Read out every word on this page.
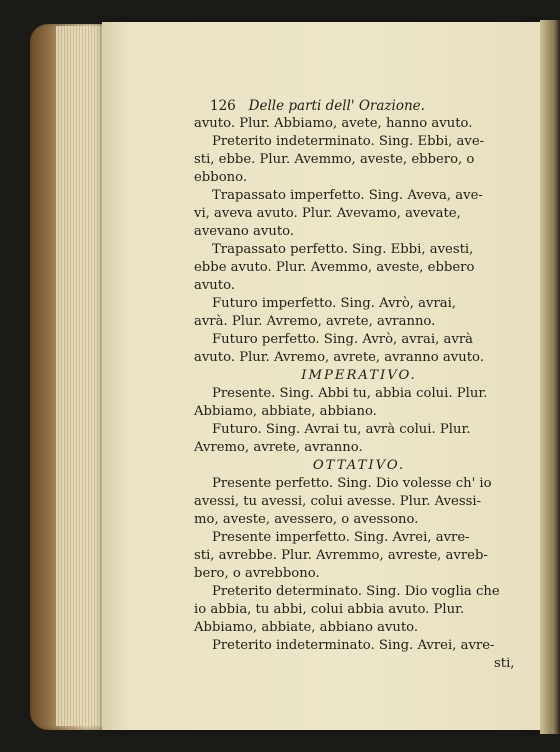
126 Delle parti dell' Orazione.
avuto. Plur. Abbiamo, avete, hanno avuto.
Preterito indeterminato. Sing. Ebbi, ave-
sti, ebbe. Plur. Avemmo, aveste, ebbero, o
ebbono.
Trapassato imperfetto. Sing. Aveva, ave-
vi, aveva avuto. Plur. Avevamo, avevate,
avevano avuto.
Trapassato perfetto. Sing. Ebbi, avesti,
ebbe avuto. Plur. Avemmo, aveste, ebbero
avuto.
Futuro imperfetto. Sing. Avrò, avrai,
avrà. Plur. Avremo, avrete, avranno.
Futuro perfetto. Sing. Avrò, avrai, avrà
avuto. Plur. Avremo, avrete, avranno avuto.
IMPERATIVO.
Presente. Sing. Abbi tu, abbia colui. Plur.
Abbiamo, abbiate, abbiano.
Futuro. Sing. Avrai tu, avrà colui. Plur.
Avremo, avrete, avranno.
OTTATIVO.
Presente perfetto. Sing. Dio volesse ch' io
avessi, tu avessi, colui avesse. Plur. Avessi-
mo, aveste, avessero, o avessono.
Presente imperfetto. Sing. Avrei, avre-
sti, avrebbe. Plur. Avremmo, avreste, avreb-
bero, o avrebbono.
Preterito determinato. Sing. Dio voglia che
io abbia, tu abbi, colui abbia avuto. Plur.
Abbiamo, abbiate, abbiano avuto.
Preterito indeterminato. Sing. Avrei, avre-
sti,
